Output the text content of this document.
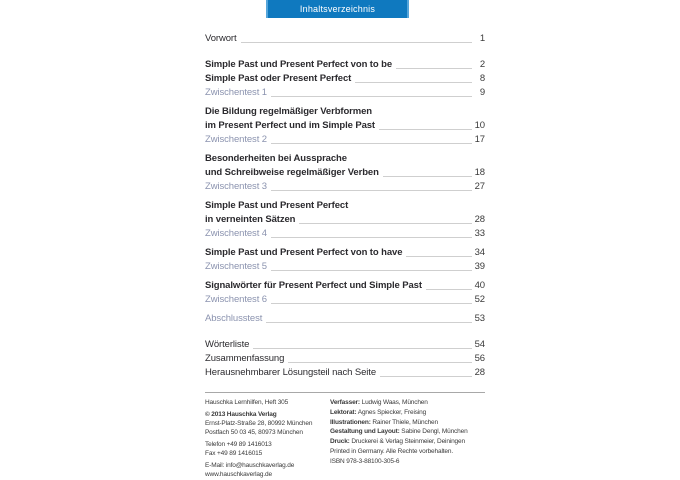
Inhaltsverzeichnis
Vorwort	1
Simple Past und Present Perfect von to be	2
Simple Past oder Present Perfect	8
Zwischentest 1	9
Die Bildung regelmäßiger Verbformen
im Present Perfect und im Simple Past	10
Zwischentest 2	17
Besonderheiten bei Aussprache
und Schreibweise regelmäßiger Verben	18
Zwischentest 3	27
Simple Past und Present Perfect
in verneinten Sätzen	28
Zwischentest 4	33
Simple Past und Present Perfect von to have	34
Zwischentest 5	39
Signalwörter für Present Perfect und Simple Past	40
Zwischentest 6	52
Abschlusstest	53
Wörterliste	54
Zusammenfassung	56
Herausnehmbarer Lösungsteil nach Seite	28
Hauschka Lernhilfen, Heft 305
© 2013 Hauschka Verlag
Ernst-Platz-Straße 28, 80992 München
Postfach 50 03 45, 80973 München
Telefon +49 89 1416013
Fax +49 89 1416015
E-Mail: info@hauschkaverlag.de
www.hauschkaverlag.de
Verfasser: Ludwig Waas, München
Lektorat: Agnes Spiecker, Freising
Illustrationen: Rainer Thiele, München
Gestaltung und Layout: Sabine Dengl, München
Druck: Druckerei & Verlag Steinmeier, Deiningen
Printed in Germany. Alle Rechte vorbehalten.
ISBN 978-3-88100-305-6
